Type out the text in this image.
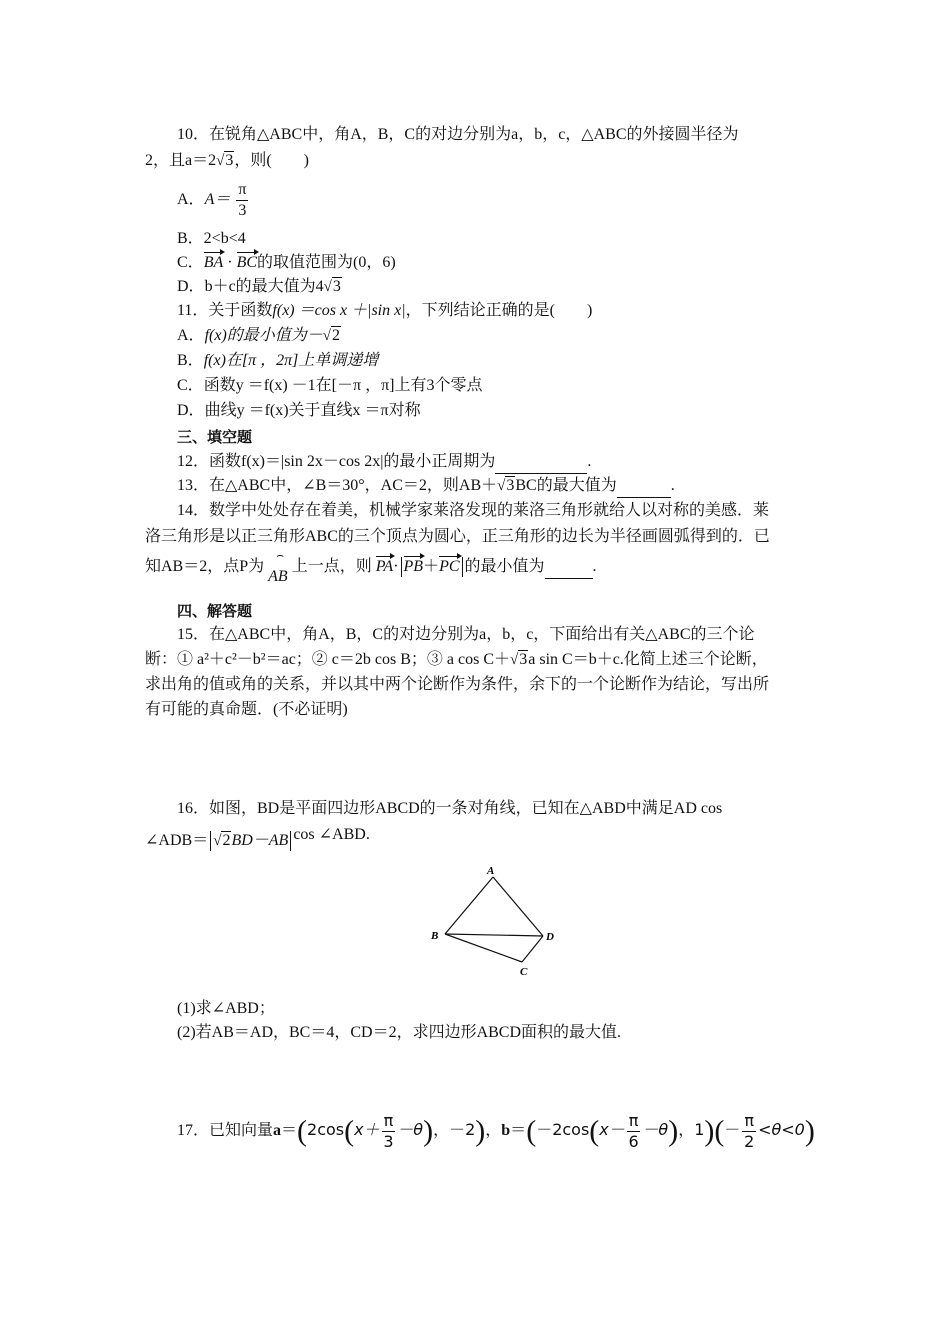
10．在锐角△ABC中，角A，B，C的对边分别为a，b，c，△ABC的外接圆半径为
2，且a＝2√3，则(　　)
A．$A= \frac{\pi}{3}$
B．2<b<4
C．BA · BC的取值范围为(0，6)
D．b＋c的最大值为4√3
11．关于函数f(x) ＝cos x ＋|sin x|，下列结论正确的是(　　)
A．f(x)的最小值为－√2
B．f(x)在[π ，2π]上单调递增
C．函数y ＝f(x) －1在[－π ，π]上有3个零点
D．曲线y ＝f(x)关于直线x ＝π对称
三、填空题
12．函数f(x)＝|sin 2x－cos 2x|的最小正周期为	.
13．在△ABC中，∠B＝30°，AC＝2，则AB＋√3BC的最大值为	.
14．数学中处处存在着美，机械学家莱洛发现的莱洛三角形就给人以对称的美感．莱
洛三角形是以正三角形ABC的三个顶点为圆心，正三角形的边长为半径画圆弧得到的．已
知AB＝2，点P为
⌢
AB 上一点，则 PA· PB＋PC 的最小值为	.
四、解答题
15．在△ABC中，角A，B，C的对边分别为a，b，c，下面给出有关△ABC的三个论
断：① a²＋c²－b²＝ac；② c＝2b cos B；③ a cos C＋√3a sin C＝b＋c.化简上述三个论断，
求出角的值或角的关系，并以其中两个论断作为条件，余下的一个论断作为结论，写出所
有可能的真命题．(不必证明)
16．如图，BD是平面四边形ABCD的一条对角线，已知在△ABD中满足AD cos
∠ADB＝ √2BD－AB cos ∠ABD.
A
B	D
C
(1)求∠ABD；
(2)若AB＝AD，BC＝4，CD＝2，求四边形ABCD面积的最大值.
17．已知向量$a=(2\cos(x+ \frac{\pi}{3} -\theta)$，－2)，$b=(-2\cos(x- \frac{\pi}{6} -\theta)$，$1)(- \frac{\pi}{2} <\theta<0)$
